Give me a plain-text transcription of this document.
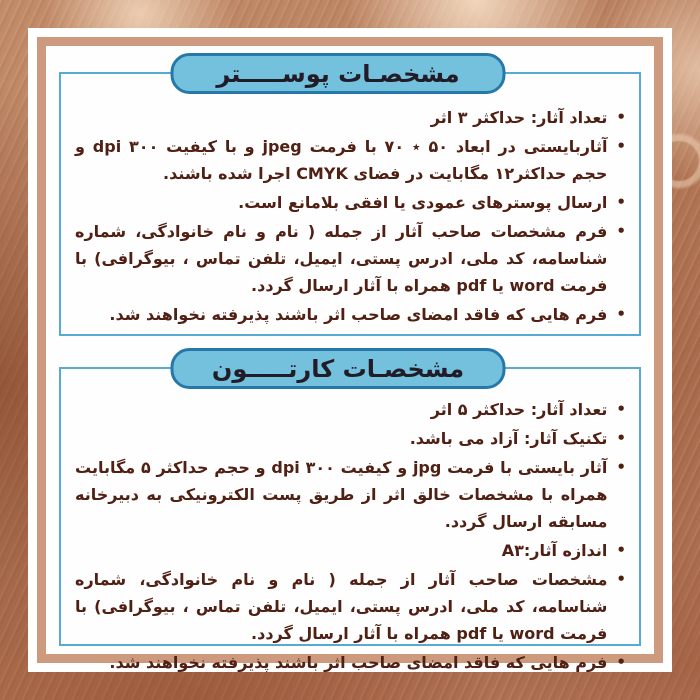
مشخصـات پوســـــتر
•
تعداد آثار: حداکثر ۳ اثر
•
آثاربایستی در ابعاد ۵۰ ٭ ۷۰ با فرمت jpeg و با کیفیت ۳۰۰ dpi و حجم حداکثر۱۲ مگابایت در فضای CMYK اجرا شده باشند.
•
ارسال پوسترهای عمودی یا افقی بلامانع است.
•
فرم مشخصات صاحب آثار از جمله ( نام و نام خانوادگی، شماره شناسامه، کد ملی، ادرس پستی، ایمیل، تلفن تماس ، بیوگرافی) با فرمت word یا pdf همراه با آثار ارسال گردد.
•
فرم هایی که فاقد امضای صاحب اثر باشند پذیرفته نخواهند شد.
مشخصـات کارتـــــون
•
تعداد آثار: حداکثر ۵ اثر
•
تکنیک آثار: آزاد می باشد.
•
آثار بایستی با فرمت jpg و کیفیت ۳۰۰ dpi و حجم حداکثر ۵ مگابایت همراه با مشخصات خالق اثر از طریق پست الکترونیکی به دبیرخانه مسابقه ارسال گردد.
•
اندازه آثار:A۳
•
مشخصات صاحب آثار از جمله ( نام و نام خانوادگی، شماره شناسامه، کد ملی، ادرس پستی، ایمیل، تلفن تماس ، بیوگرافی) با فرمت word یا pdf همراه با آثار ارسال گردد.
•
فرم هایی که فاقد امضای صاحب اثر باشند پذیرفته نخواهند شد.
